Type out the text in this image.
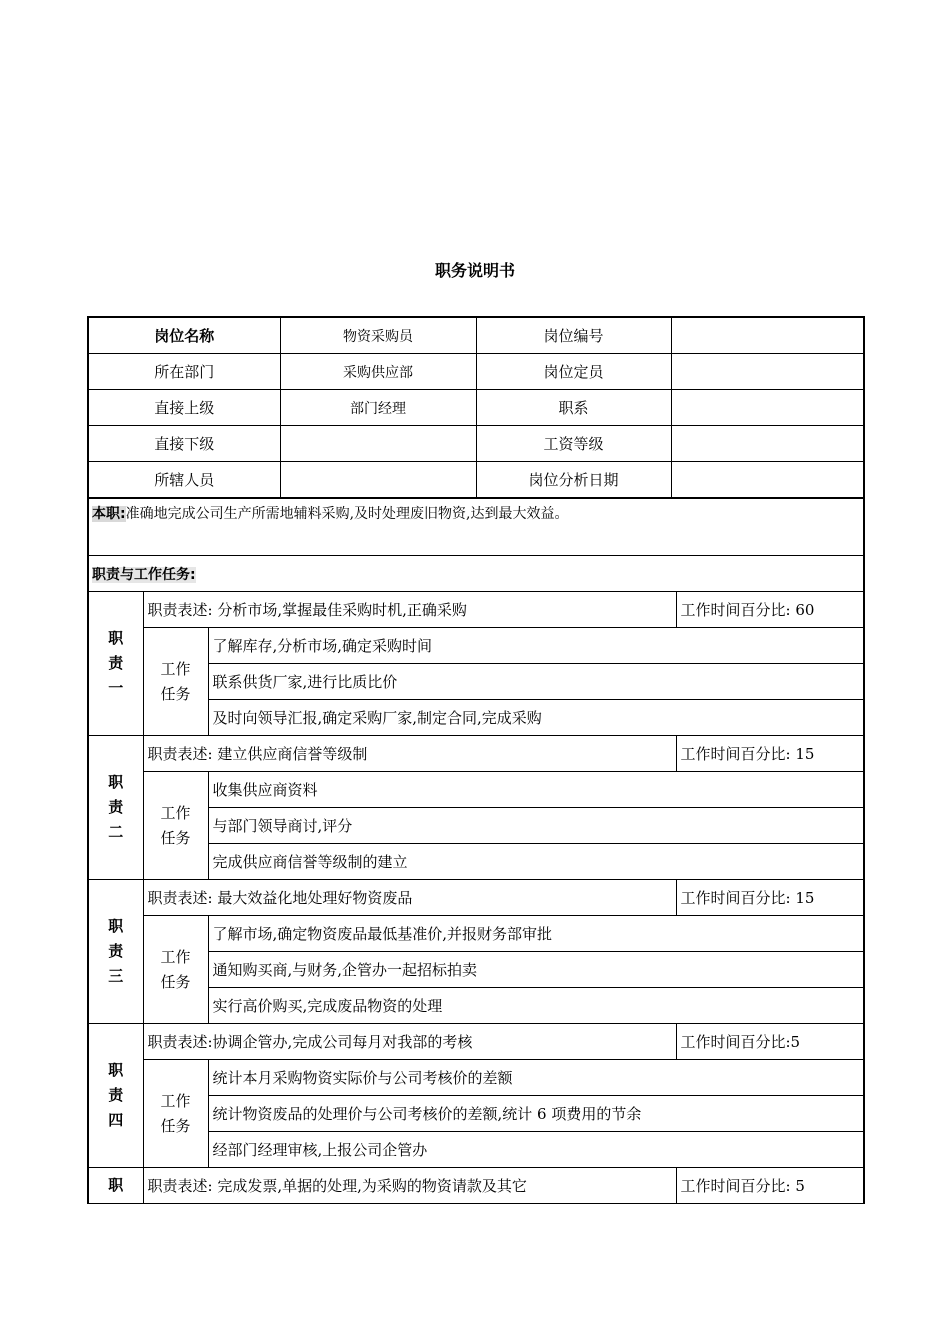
职务说明书
岗位名称	物资采购员	岗位编号	
所在部门	采购供应部	岗位定员	
直接上级	部门经理	职系	
直接下级		工资等级	
所辖人员		岗位分析日期	
本职:准确地完成公司生产所需地辅料采购,及时处理废旧物资,达到最大效益。			
职责与工作任务:			
职责一	职责表述: 分析市场,掌握最佳采购时机,正确采购		工作时间百分比: 60
	工作任务	了解库存,分析市场,确定采购时间	
		联系供货厂家,进行比质比价	
		及时向领导汇报,确定采购厂家,制定合同,完成采购	
职责二	职责表述: 建立供应商信誉等级制		工作时间百分比: 15
	工作任务	收集供应商资料	
		与部门领导商讨,评分	
		完成供应商信誉等级制的建立	
职责三	职责表述: 最大效益化地处理好物资废品		工作时间百分比: 15
	工作任务	了解市场,确定物资废品最低基准价,并报财务部审批	
		通知购买商,与财务,企管办一起招标拍卖	
		实行高价购买,完成废品物资的处理	
职责四	职责表述:协调企管办,完成公司每月对我部的考核		工作时间百分比:5
	工作任务	统计本月采购物资实际价与公司考核价的差额	
		统计物资废品的处理价与公司考核价的差额,统计 6 项费用的节余	
		经部门经理审核,上报公司企管办	
职	职责表述: 完成发票,单据的处理,为采购的物资请款及其它		工作时间百分比: 5
